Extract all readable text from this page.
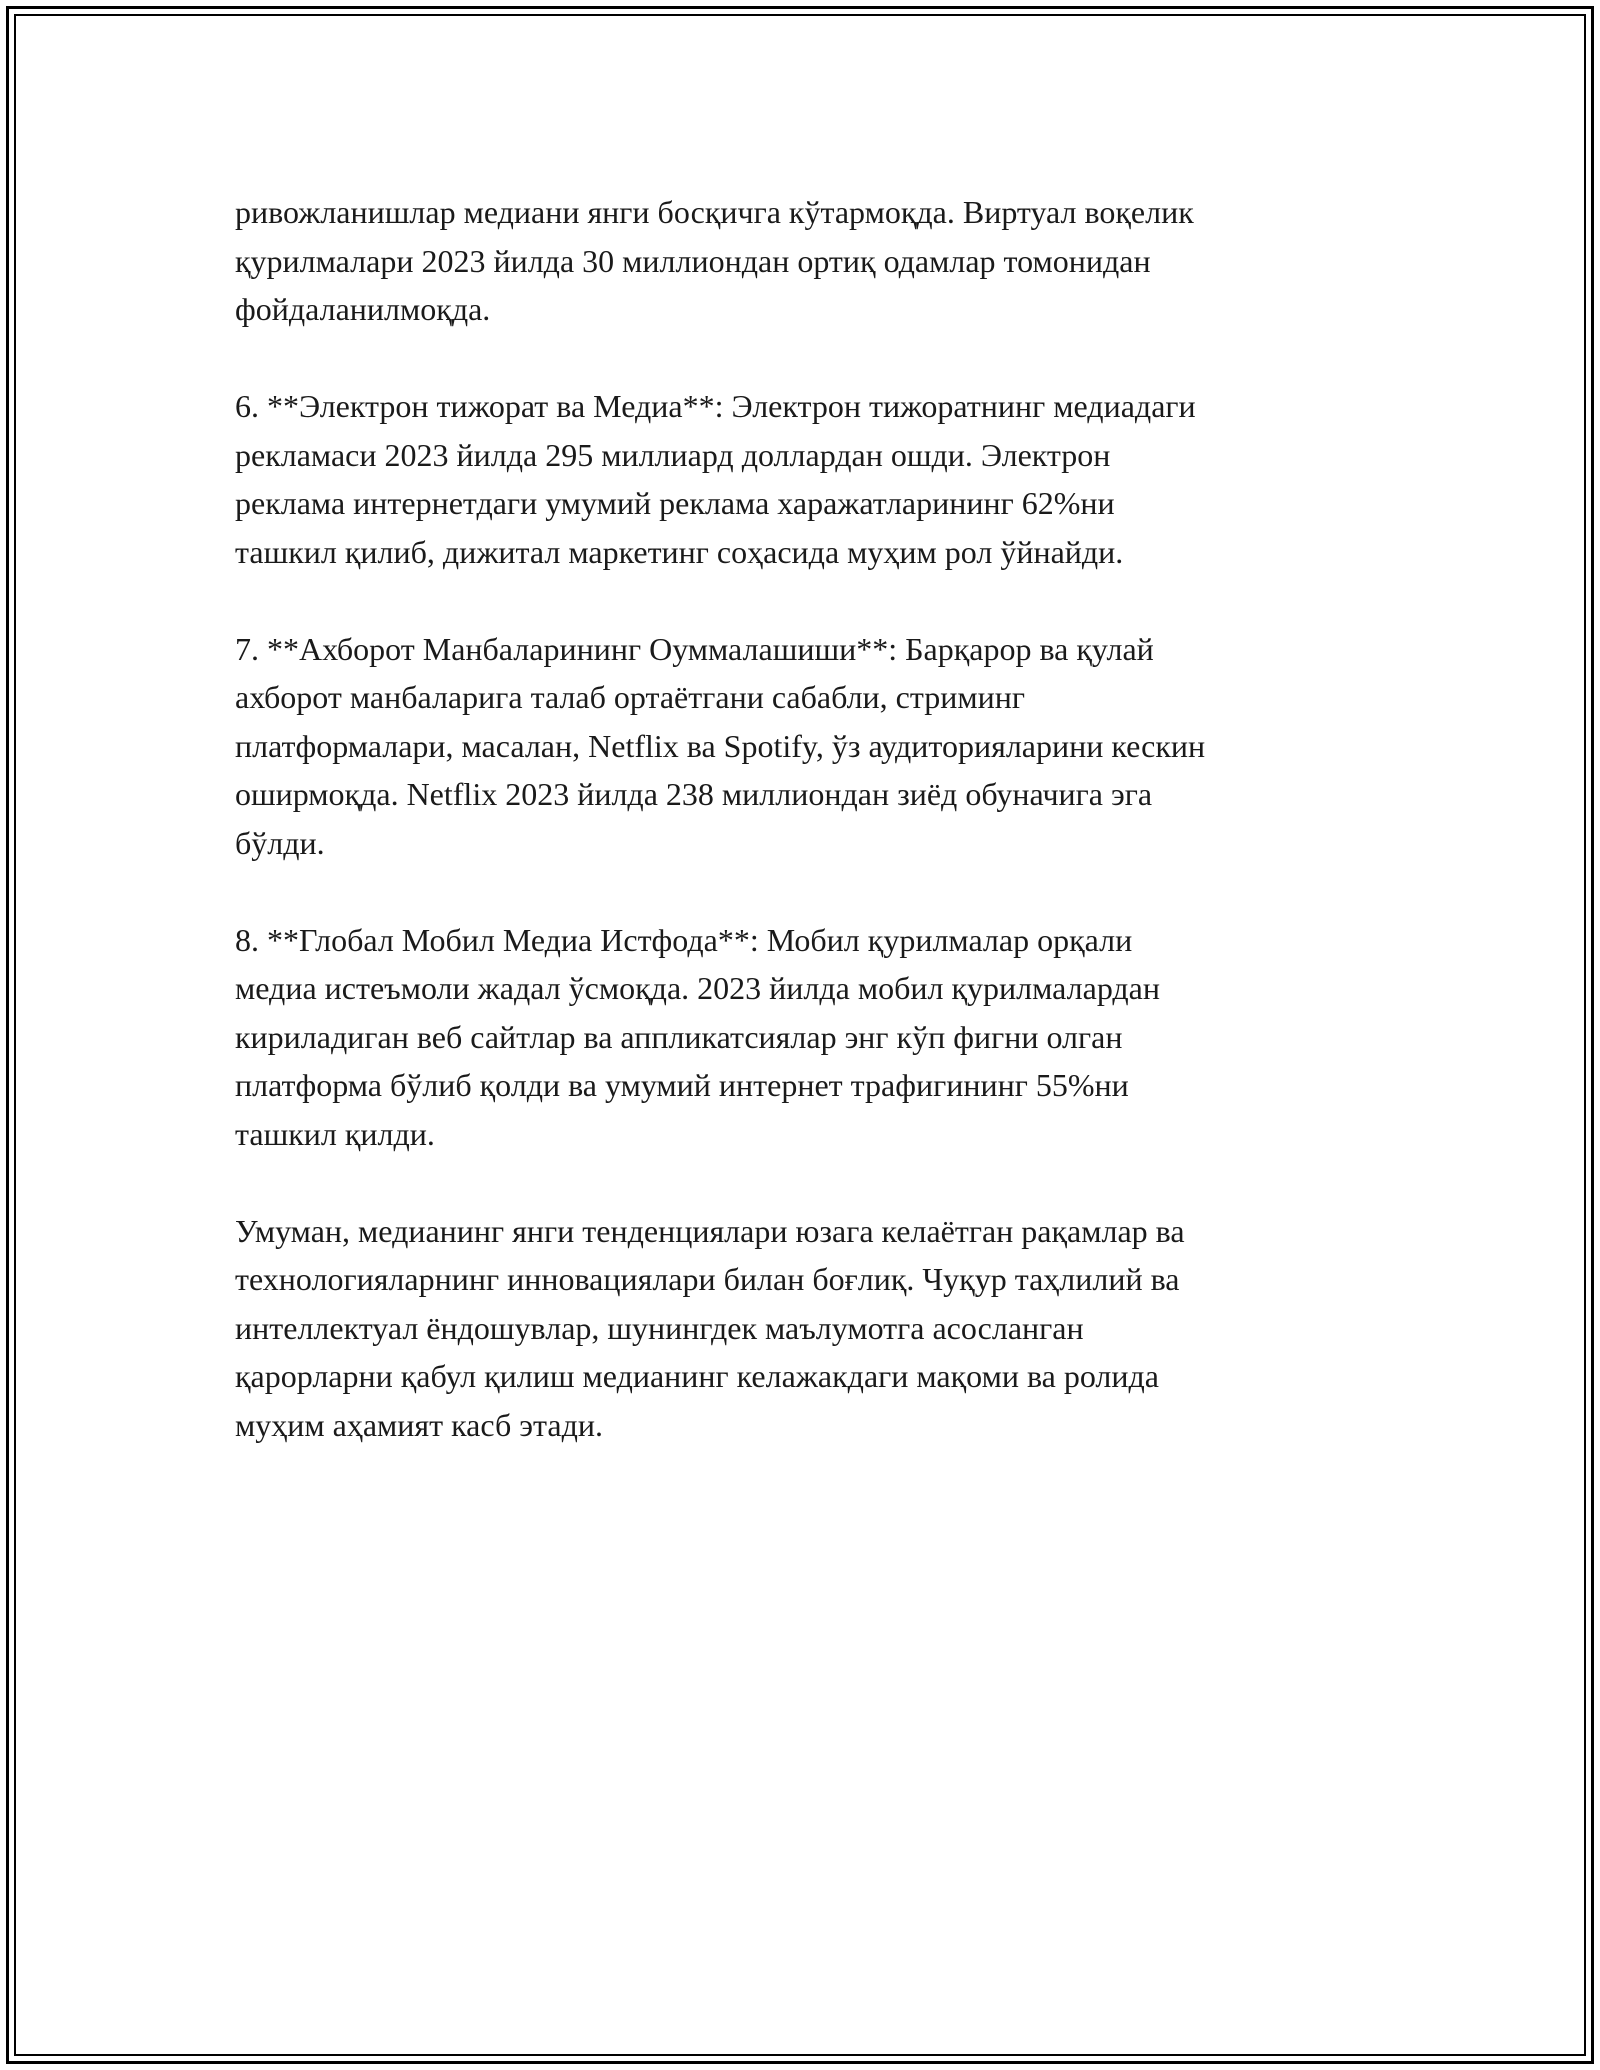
ривожланишлар медиани янги босқичга кўтармоқда. Виртуал воқелик
қурилмалари 2023 йилда 30 миллиондан ортиқ одамлар томонидан
фойдаланилмоқда.

6. **Электрон тижорат ва Медиа**: Электрон тижоратнинг медиадаги
рекламаси 2023 йилда 295 миллиард доллардан ошди. Электрон
реклама интернетдаги умумий реклама харажатларининг 62%ни
ташкил қилиб, дижитал маркетинг соҳасида муҳим рол ўйнайди.

7. **Ахборот Манбаларининг Оуммалашиши**: Барқарор ва қулай
ахборот манбаларига талаб ортаётгани сабабли, стриминг
платформалари, масалан, Netflix ва Spotify, ўз аудиторияларини кескин
оширмоқда. Netflix 2023 йилда 238 миллиондан зиёд обуначига эга
бўлди.

8. **Глобал Мобил Медиа Истфода**: Мобил қурилмалар орқали
медиа истеъмоли жадал ўсмоқда. 2023 йилда мобил қурилмалардан
кириладиган веб сайтлар ва аппликатсиялар энг кўп фигни олган
платформа бўлиб қолди ва умумий интернет трафигининг 55%ни
ташкил қилди.

Умуман, медианинг янги тенденциялари юзага келаётган рақамлар ва
технологияларнинг инновациялари билан боғлиқ. Чуқур таҳлилий ва
интеллектуал ёндошувлар, шунингдек маълумотга асосланган
қарорларни қабул қилиш медианинг келажакдаги мақоми ва ролида
муҳим аҳамият касб этади.
